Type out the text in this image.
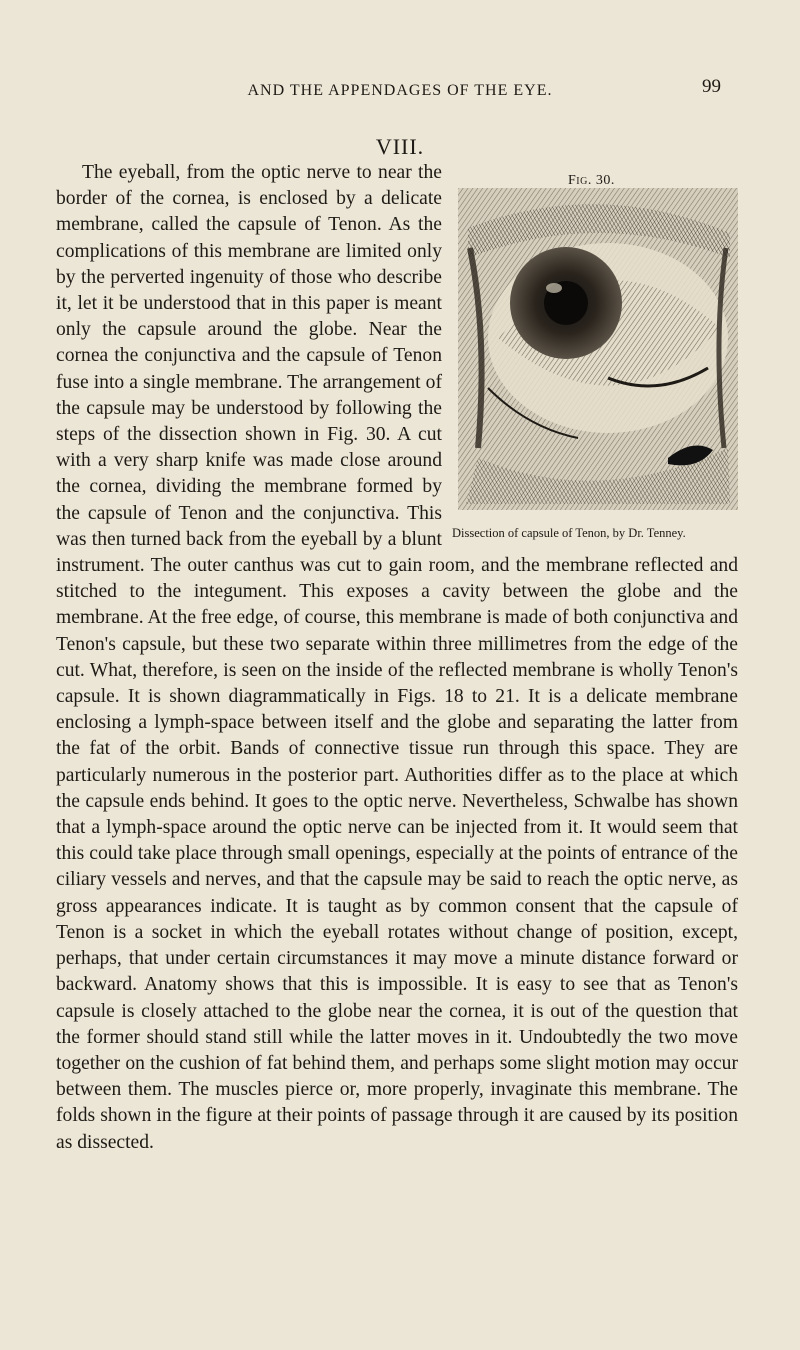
AND THE APPENDAGES OF THE EYE.	99
VIII.
Fig. 30.
Dissection of capsule of Tenon, by Dr. Tenney.

The eyeball, from the optic nerve to near the border of the cornea, is enclosed by a delicate membrane, called the capsule of Tenon. As the complications of this membrane are limited only by the perverted ingenuity of those who describe it, let it be understood that in this paper is meant only the capsule around the globe. Near the cornea the conjunctiva and the capsule of Tenon fuse into a single membrane. The arrangement of the capsule may be understood by following the steps of the dissection shown in Fig. 30. A cut with a very sharp knife was made close around the cornea, dividing the membrane formed by the capsule of Tenon and the conjunctiva. This was then turned back from the eyeball by a blunt instrument. The outer canthus was cut to gain room, and the membrane reflected and stitched to the integument. This exposes a cavity between the globe and the membrane. At the free edge, of course, this membrane is made of both conjunctiva and Tenon's capsule, but these two separate within three millimetres from the edge of the cut. What, therefore, is seen on the inside of the reflected membrane is wholly Tenon's capsule. It is shown diagrammatically in Figs. 18 to 21. It is a delicate membrane enclosing a lymph-space between itself and the globe and separating the latter from the fat of the orbit. Bands of connective tissue run through this space. They are particularly numerous in the posterior part. Authorities differ as to the place at which the capsule ends behind. It goes to the optic nerve. Nevertheless, Schwalbe has shown that a lymph-space around the optic nerve can be injected from it. It would seem that this could take place through small openings, especially at the points of entrance of the ciliary vessels and nerves, and that the capsule may be said to reach the optic nerve, as gross appearances indicate. It is taught as by common consent that the capsule of Tenon is a socket in which the eyeball rotates without change of position, except, perhaps, that under certain circumstances it may move a minute distance forward or backward. Anatomy shows that this is impossible. It is easy to see that as Tenon's capsule is closely attached to the globe near the cornea, it is out of the question that the former should stand still while the latter moves in it. Undoubtedly the two move together on the cushion of fat behind them, and perhaps some slight motion may occur between them. The muscles pierce or, more properly, invaginate this membrane. The folds shown in the figure at their points of passage through it are caused by its position as dissected.
